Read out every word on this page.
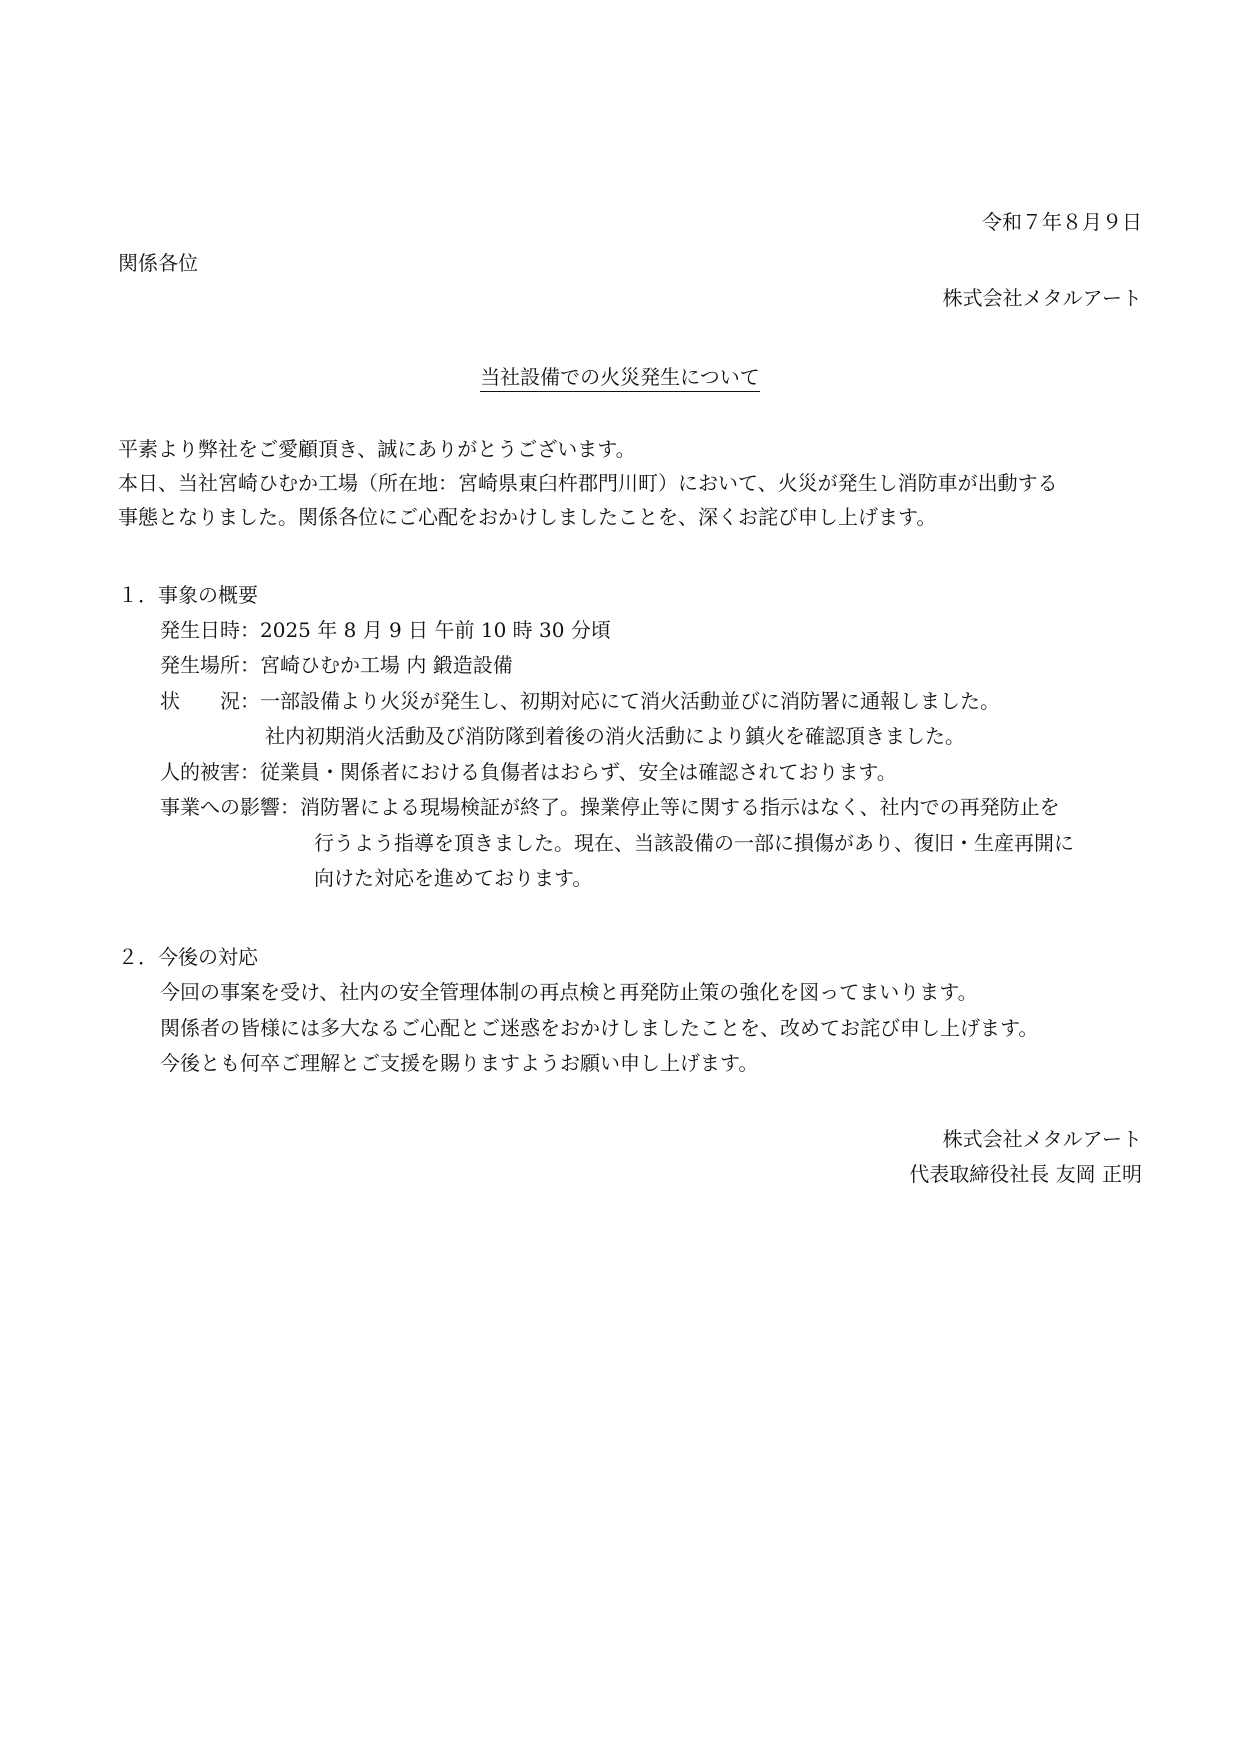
令和７年８月９日
関係各位
株式会社メタルアート
当社設備での火災発生について
平素より弊社をご愛顧頂き、誠にありがとうございます。
本日、当社宮崎ひむか工場（所在地：宮崎県東臼杵郡門川町）において、火災が発生し消防車が出動する
事態となりました。関係各位にご心配をおかけしましたことを、深くお詫び申し上げます。
１．事象の概要
発生日時： 2025 年 8 月 9 日 午前 10 時 30 分頃
発生場所： 宮崎ひむか工場 内 鍛造設備
状　　況： 一部設備より火災が発生し、初期対応にて消火活動並びに消防署に通報しました。
社内初期消火活動及び消防隊到着後の消火活動により鎮火を確認頂きました。
人的被害： 従業員・関係者における負傷者はおらず、安全は確認されております。
事業への影響： 消防署による現場検証が終了。操業停止等に関する指示はなく、社内での再発防止を
行うよう指導を頂きました。現在、当該設備の一部に損傷があり、復旧・生産再開に
向けた対応を進めております。
２．今後の対応
今回の事案を受け、社内の安全管理体制の再点検と再発防止策の強化を図ってまいります。
関係者の皆様には多大なるご心配とご迷惑をおかけしましたことを、改めてお詫び申し上げます。
今後とも何卒ご理解とご支援を賜りますようお願い申し上げます。
株式会社メタルアート
代表取締役社長 友岡 正明
